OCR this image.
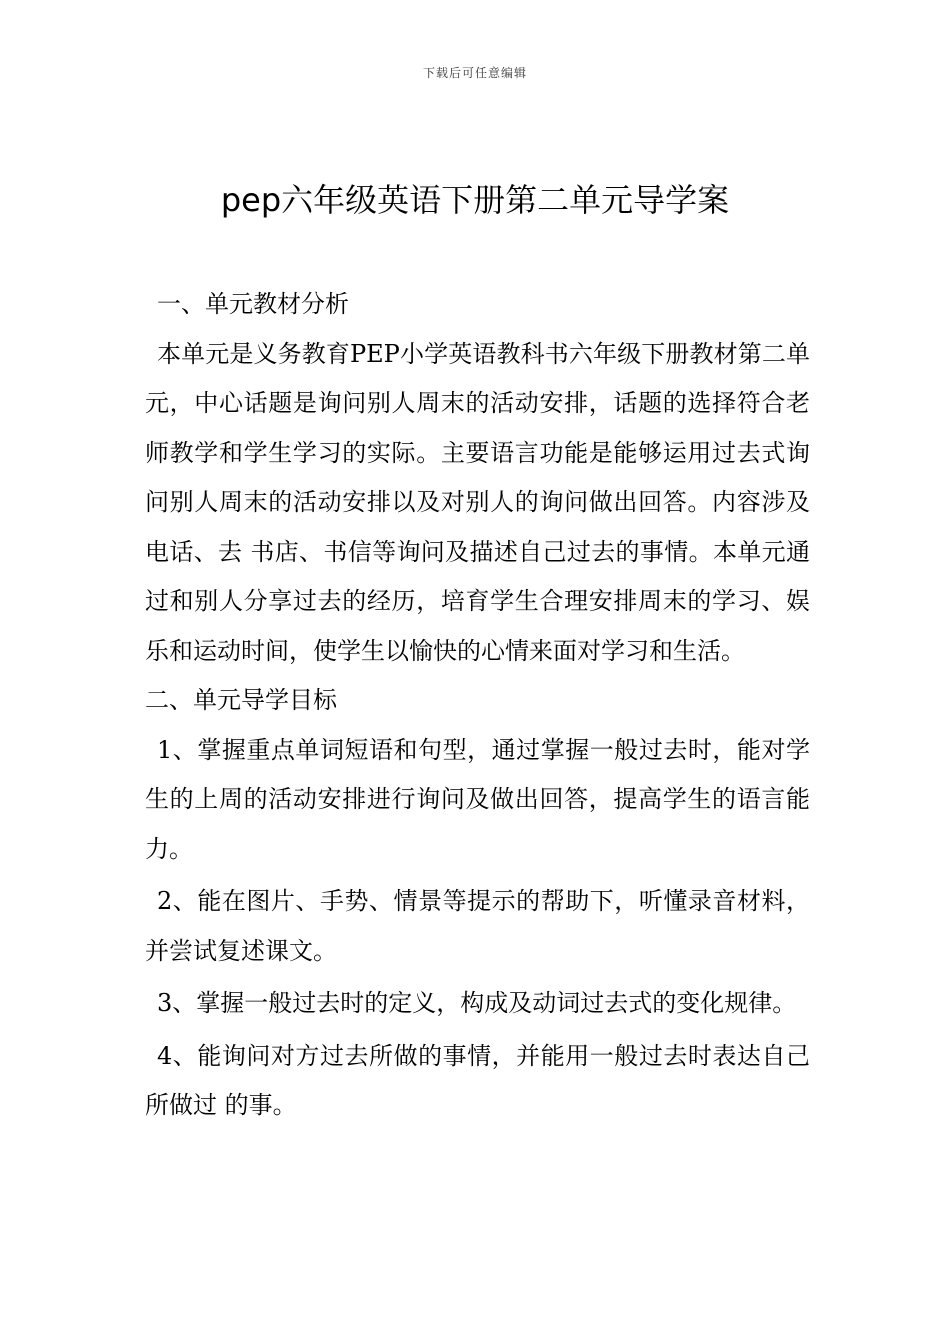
下载后可任意编辑
pep六年级英语下册第二单元导学案

一、单元教材分析

本单元是义务教育PEP小学英语教科书六年级下册教材第二单元，中心话题是询问别人周末的活动安排，话题的选择符合老师教学和学生学习的实际。主要语言功能是能够运用过去式询问别人周末的活动安排以及对别人的询问做出回答。内容涉及电话、去 书店、书信等询问及描述自己过去的事情。本单元通过和别人分享过去的经历，培育学生合理安排周末的学习、娱乐和运动时间，使学生以愉快的心情来面对学习和生活。

二、单元导学目标

1、掌握重点单词短语和句型，通过掌握一般过去时，能对学生的上周的活动安排进行询问及做出回答，提高学生的语言能力。

2、能在图片、手势、情景等提示的帮助下，听懂录音材料，并尝试复述课文。

3、掌握一般过去时的定义，构成及动词过去式的变化规律。

4、能询问对方过去所做的事情，并能用一般过去时表达自己所做过 的事。
